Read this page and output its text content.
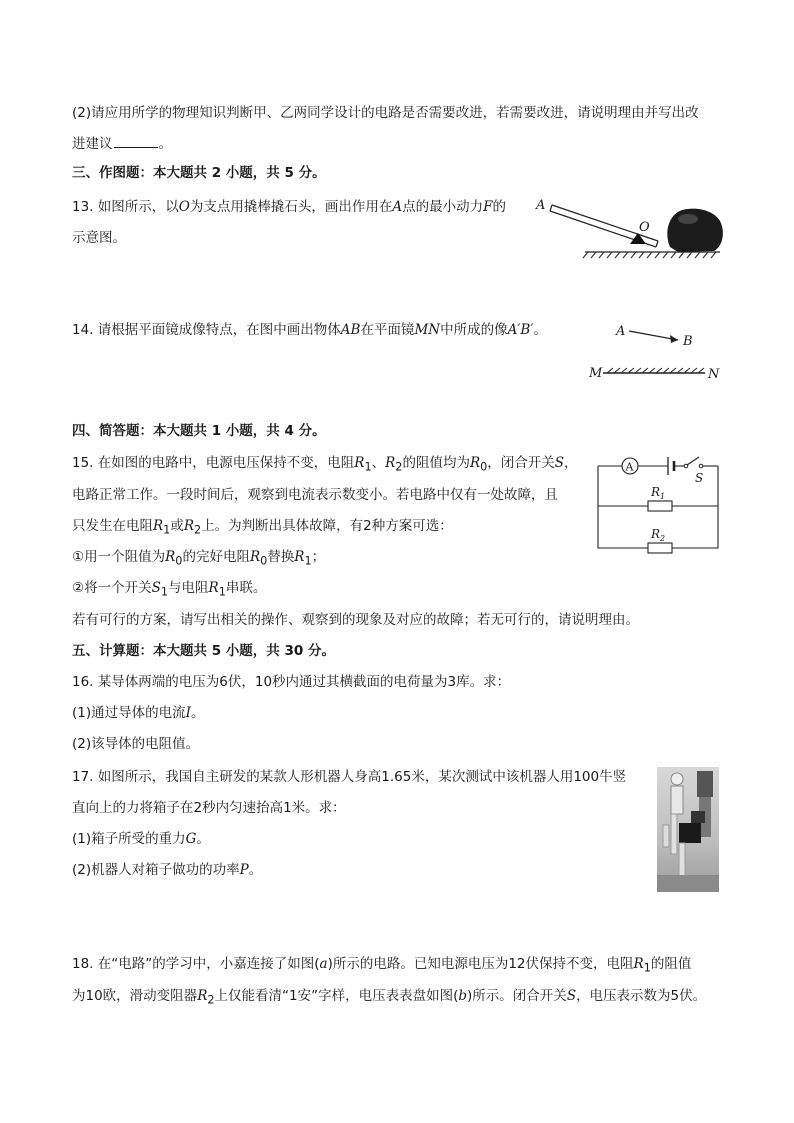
(2)请应用所学的物理知识判断甲、乙两同学设计的电路是否需要改进，若需要改进，请说明理由并写出改
进建议	。
三、作图题：本大题共 2 小题，共 5 分。
13. 如图所示，以O为支点用撬棒撬石头，画出作用在A点的最小动力F的
示意图。
A
O
14. 请根据平面镜成像特点，在图中画出物体AB在平面镜MN中所成的像A′B′。	A
B
M	N
四、简答题：本大题共 1 小题，共 4 分。
15. 在如图的电路中，电源电压保持不变，电阻$R_1$、$R_2$的阻值均为$R_0$，闭合开关S，
电路正常工作。一段时间后，观察到电流表示数变小。若电路中仅有一处故障，且
只发生在电阻$R_1$或$R_2$上。为判断出具体故障，有2种方案可选：
①用一个阻值为$R_0$的完好电阻$R_0$替换$R_1$；
②将一个开关$S_1$与电阻$R_1$串联。
若有可行的方案，请写出相关的操作、观察到的现象及对应的故障；若无可行的，请说明理由。
A
S
$R_1$
$R_2$
五、计算题：本大题共 5 小题，共 30 分。
16. 某导体两端的电压为6伏，10秒内通过其横截面的电荷量为3库。求：
(1)通过导体的电流I。
(2)该导体的电阻值。
17. 如图所示，我国自主研发的某款人形机器人身高1.65米，某次测试中该机器人用100牛竖
直向上的力将箱子在2秒内匀速抬高1米。求：
(1)箱子所受的重力G。
(2)机器人对箱子做功的功率P。
18. 在“电路”的学习中，小嘉连接了如图(a)所示的电路。已知电源电压为12伏保持不变，电阻$R_1$的阻值
为10欧，滑动变阻器$R_2$上仅能看清“1安”字样，电压表表盘如图(b)所示。闭合开关S，电压表示数为5伏。
